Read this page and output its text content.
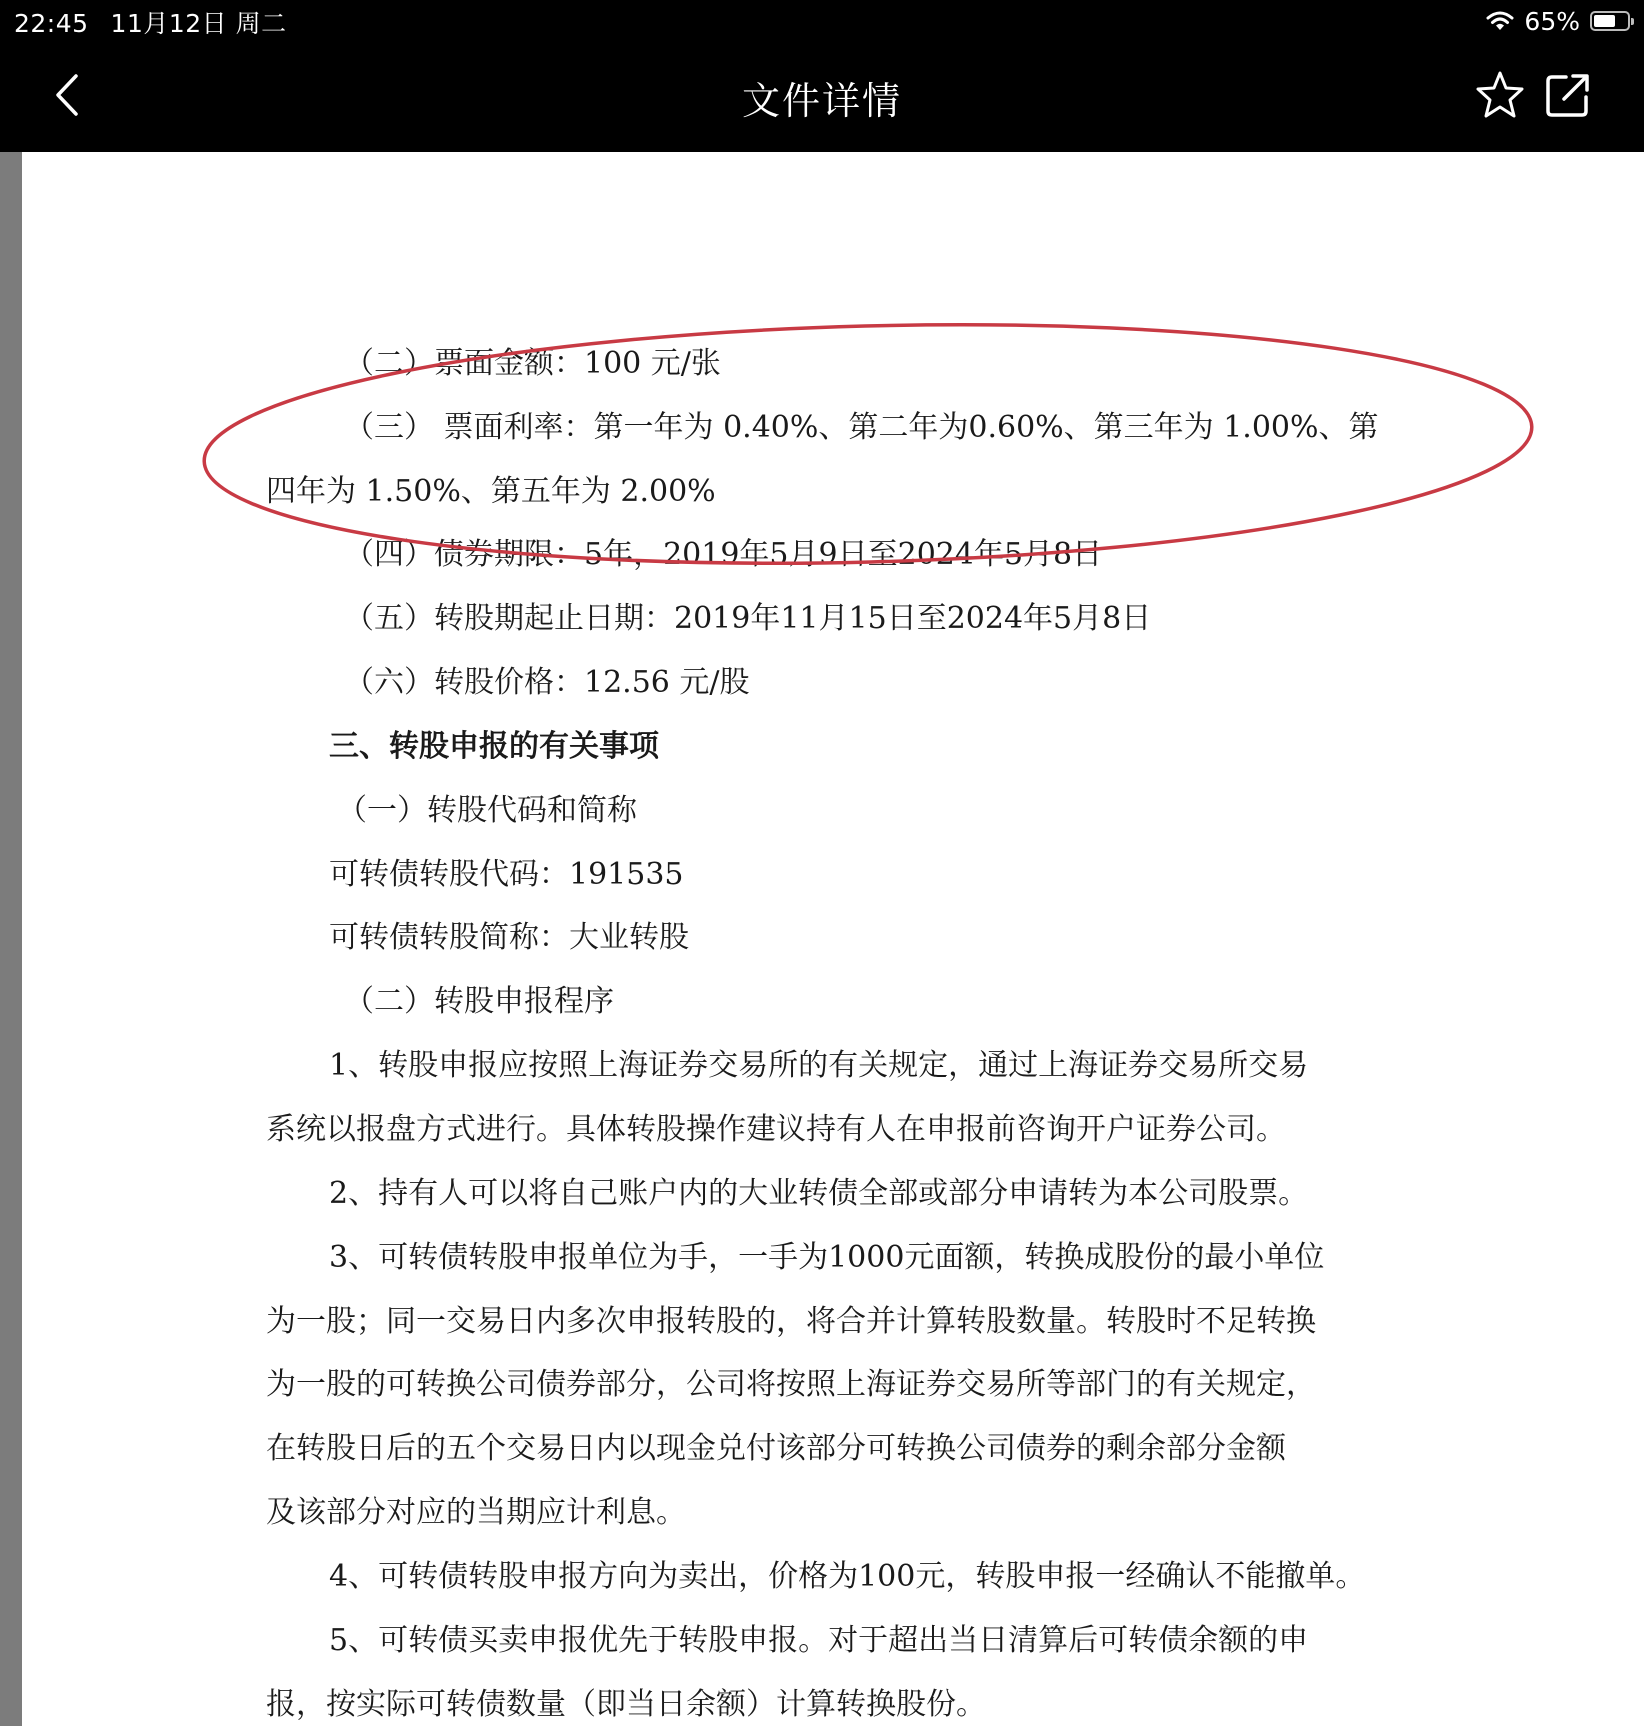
22:45 11月12日 周二	65%
文件详情

（二）票面金额：100 元/张

（三） 票面利率：第一年为 0.40%、第二年为0.60%、第三年为 1.00%、第

四年为 1.50%、第五年为 2.00%

（四）债券期限：5年，2019年5月9日至2024年5月8日

（五）转股期起止日期：2019年11月15日至2024年5月8日

（六）转股价格：12.56 元/股

三、转股申报的有关事项

（一）转股代码和简称

可转债转股代码：191535

可转债转股简称：大业转股

（二）转股申报程序

1、转股申报应按照上海证券交易所的有关规定，通过上海证券交易所交易

系统以报盘方式进行。具体转股操作建议持有人在申报前咨询开户证券公司。

2、持有人可以将自己账户内的大业转债全部或部分申请转为本公司股票。

3、可转债转股申报单位为手，一手为1000元面额，转换成股份的最小单位

为一股；同一交易日内多次申报转股的，将合并计算转股数量。转股时不足转换

为一股的可转换公司债券部分，公司将按照上海证券交易所等部门的有关规定，

在转股日后的五个交易日内以现金兑付该部分可转换公司债券的剩余部分金额

及该部分对应的当期应计利息。

4、可转债转股申报方向为卖出，价格为100元，转股申报一经确认不能撤单。

5、可转债买卖申报优先于转股申报。对于超出当日清算后可转债余额的申

报，按实际可转债数量（即当日余额）计算转换股份。
